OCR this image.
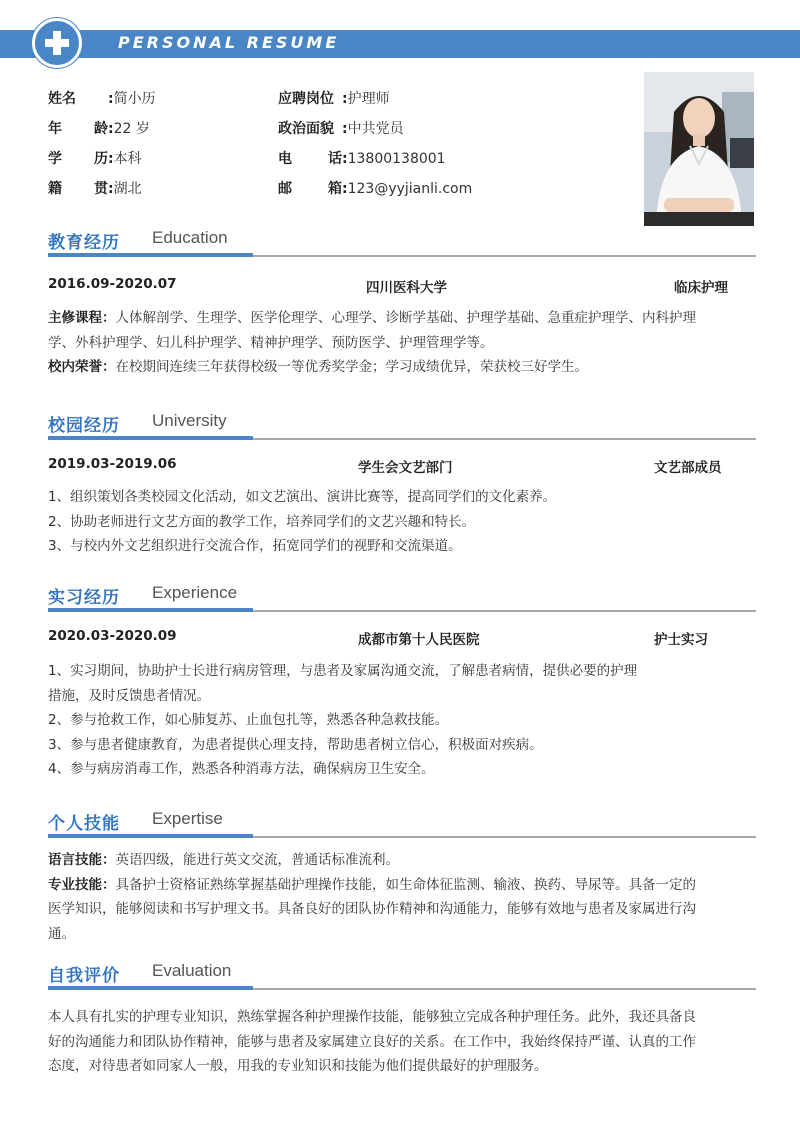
PERSONAL RESUME
姓名 :简小历
年 龄 :22 岁
学 历 :本科
籍 贯 :湖北
应聘岗位 :护理师
政治面貌 :中共党员
电	话 :13800138001
邮	箱 :123@yyjianli.com
教育经历 Education
2016.09-2020.07	四川医科大学	临床护理
主修课程：人体解剖学、生理学、医学伦理学、心理学、诊断学基础、护理学基础、急重症护理学、内科护理
学、外科护理学、妇儿科护理学、精神护理学、预防医学、护理管理学等。
校内荣誉：在校期间连续三年获得校级一等优秀奖学金；学习成绩优异，荣获校三好学生。
校园经历 University
2019.03-2019.06	学生会文艺部门	文艺部成员
1、组织策划各类校园文化活动，如文艺演出、演讲比赛等，提高同学们的文化素养。
2、协助老师进行文艺方面的教学工作，培养同学们的文艺兴趣和特长。
3、与校内外文艺组织进行交流合作，拓宽同学们的视野和交流渠道。
实习经历 Experience
2020.03-2020.09	成都市第十人民医院	护士实习
1、实习期间，协助护士长进行病房管理，与患者及家属沟通交流，了解患者病情，提供必要的护理
措施，及时反馈患者情况。
2、参与抢救工作，如心肺复苏、止血包扎等，熟悉各种急救技能。
3、参与患者健康教育，为患者提供心理支持，帮助患者树立信心，积极面对疾病。
4、参与病房消毒工作，熟悉各种消毒方法，确保病房卫生安全。
个人技能 Expertise
语言技能：英语四级，能进行英文交流，普通话标准流利。
专业技能：具备护士资格证熟练掌握基础护理操作技能，如生命体征监测、输液、换药、导尿等。具备一定的
医学知识，能够阅读和书写护理文书。具备良好的团队协作精神和沟通能力，能够有效地与患者及家属进行沟
通。
自我评价 Evaluation
本人具有扎实的护理专业知识，熟练掌握各种护理操作技能，能够独立完成各种护理任务。此外，我还具备良
好的沟通能力和团队协作精神，能够与患者及家属建立良好的关系。在工作中，我始终保持严谨、认真的工作
态度，对待患者如同家人一般，用我的专业知识和技能为他们提供最好的护理服务。
